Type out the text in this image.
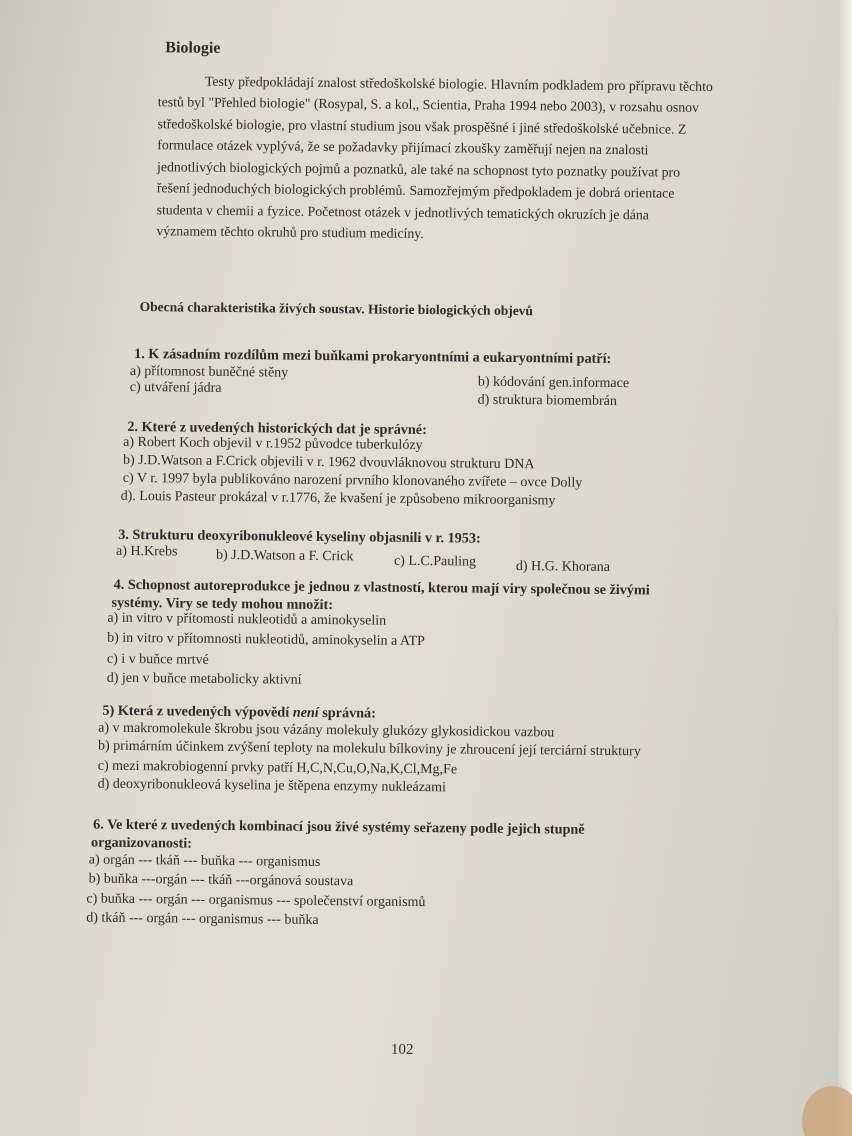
Biologie
Testy předpokládají znalost středoškolské biologie. Hlavním podkladem pro přípravu těchto
testů byl "Přehled biologie" (Rosypal, S. a kol,, Scientia, Praha 1994 nebo 2003), v rozsahu osnov
středoškolské biologie, pro vlastní studium jsou však prospěšné i jiné středoškolské učebnice. Z
formulace otázek vyplývá, že se požadavky přijímací zkoušky zaměřují nejen na znalosti
jednotlivých biologických pojmů a poznatků, ale také na schopnost tyto poznatky používat pro
řešení jednoduchých biologických problémů. Samozřejmým předpokladem je dobrá orientace
studenta v chemii a fyzice. Početnost otázek v jednotlivých tematických okruzích je dána
významem těchto okruhů pro studium medicíny.
Obecná charakteristika živých soustav. Historie biologických objevů
1. K zásadním rozdílům mezi buňkami prokaryontními a eukaryontními patří:
a) přítomnost buněčné stěny
b) kódování gen.informace
c) utváření jádra
d) struktura biomembrán
2. Které z uvedených historických dat je správné:
a) Robert Koch objevil v r.1952 původce tuberkulózy
b) J.D.Watson a F.Crick objevili v r. 1962 dvouvláknovou strukturu DNA
c) V r. 1997 byla publikováno narození prvního klonovaného zvířete – ovce Dolly
d). Louis Pasteur prokázal v r.1776, že kvašení je způsobeno mikroorganismy
3. Strukturu deoxyribonukleové kyseliny objasnili v r. 1953:
a) H.Krebs	b) J.D.Watson a F. Crick	c) L.C.Pauling	d) H.G. Khorana
4. Schopnost autoreprodukce je jednou z vlastností, kterou mají viry společnou se živými
systémy. Viry se tedy mohou množit:
a) in vitro v přítomosti nukleotidů a aminokyselin
b) in vitro v přítomnosti nukleotidů, aminokyselin a ATP
c) i v buňce mrtvé
d) jen v buňce metabolicky aktivní
5) Která z uvedených výpovědí není správná:
a) v makromolekule škrobu jsou vázány molekuly glukózy glykosidickou vazbou
b) primárním účinkem zvýšení teploty na molekulu bílkoviny je zhroucení její terciární struktury
c) mezi makrobiogenní prvky patří H,C,N,Cu,O,Na,K,Cl,Mg,Fe
d) deoxyribonukleová kyselina je štěpena enzymy nukleázami
6. Ve které z uvedených kombinací jsou živé systémy seřazeny podle jejich stupně
organizovanosti:
a) orgán --- tkáň --- buňka --- organismus
b) buňka ---orgán --- tkáň ---orgánová soustava
c) buňka --- orgán --- organismus --- společenství organismů
d) tkáň --- orgán --- organismus --- buňka
102
